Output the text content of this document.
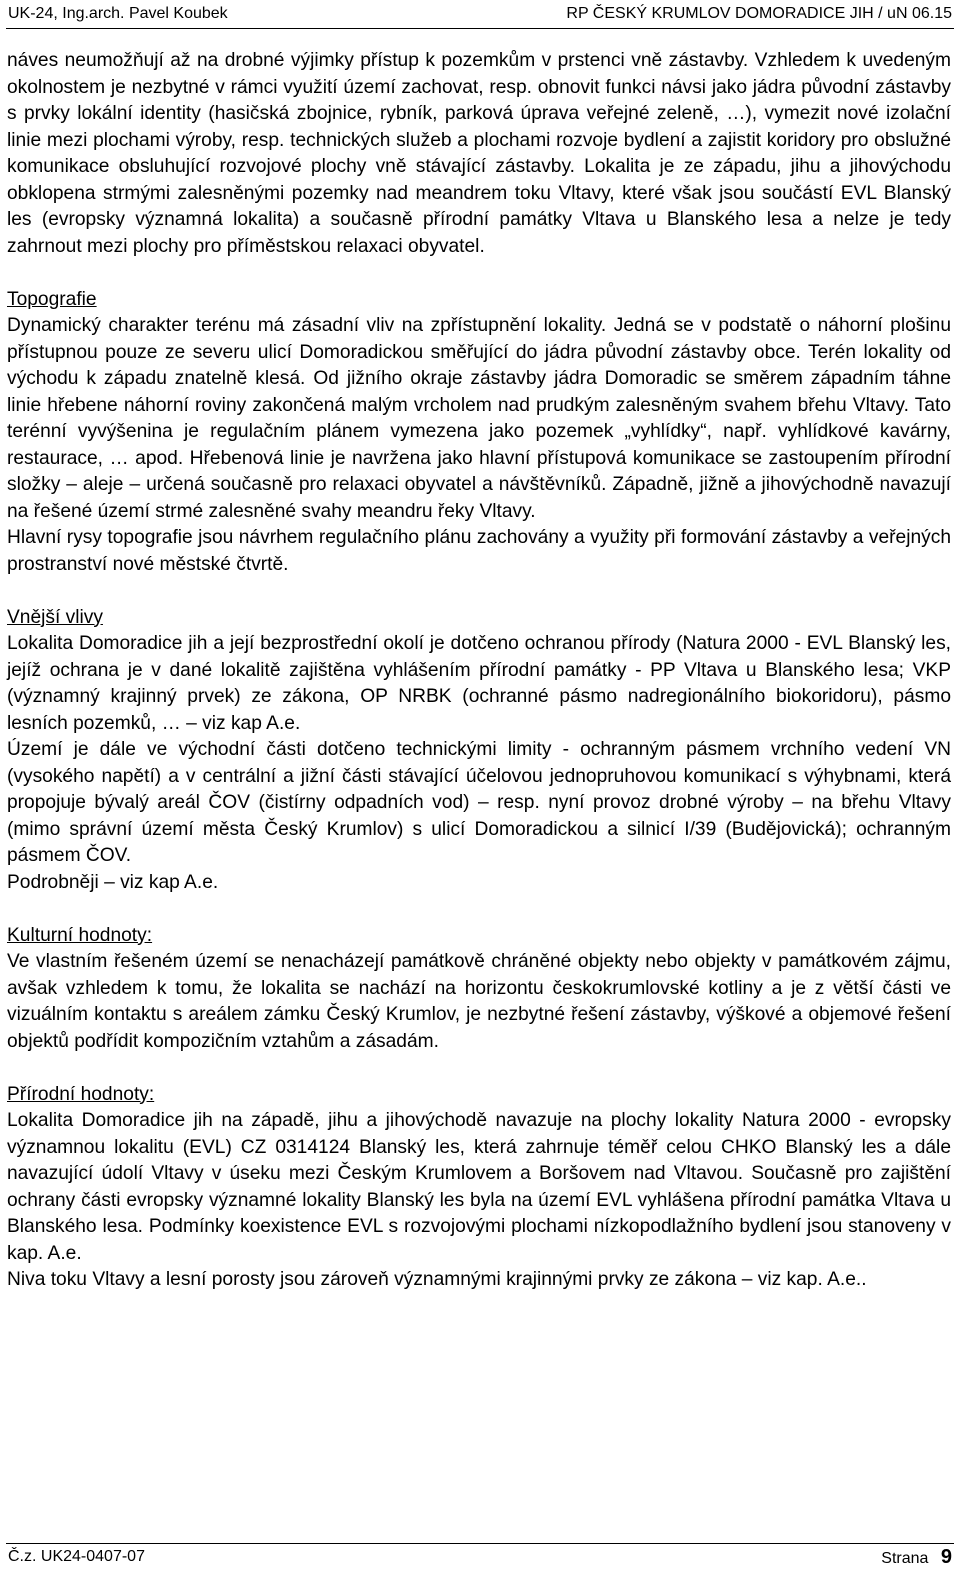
UK-24, Ing.arch. Pavel Koubek	RP ČESKÝ KRUMLOV DOMORADICE JIH / uN 06.15

náves neumožňují až na drobné výjimky přístup k pozemkům v prstenci vně zástavby. Vzhledem k uvedeným okolnostem je nezbytné v rámci využití území zachovat, resp. obnovit funkci návsi jako jádra původní zástavby s prvky lokální identity (hasičská zbojnice, rybník, parková úprava veřejné zeleně, …), vymezit nové izolační linie mezi plochami výroby, resp. technických služeb a plochami rozvoje bydlení a zajistit koridory pro obslužné komunikace obsluhující rozvojové plochy vně stávající zástavby. Lokalita je ze západu, jihu a jihovýchodu obklopena strmými zalesněnými pozemky nad meandrem toku Vltavy, které však jsou součástí EVL Blanský les (evropsky významná lokalita) a současně přírodní památky Vltava u Blanského lesa a nelze je tedy zahrnout mezi plochy pro příměstskou relaxaci obyvatel.

Topografie

Dynamický charakter terénu má zásadní vliv na zpřístupnění lokality. Jedná se v podstatě o náhorní plošinu přístupnou pouze ze severu ulicí Domoradickou směřující do jádra původní zástavby obce. Terén lokality od východu k západu znatelně klesá. Od jižního okraje zástavby jádra Domoradic se směrem západním táhne linie hřebene náhorní roviny zakončená malým vrcholem nad prudkým zalesněným svahem břehu Vltavy. Tato terénní vyvýšenina je regulačním plánem vymezena jako pozemek „vyhlídky“, např. vyhlídkové kavárny, restaurace, … apod. Hřebenová linie je navržena jako hlavní přístupová komunikace se zastoupením přírodní složky – aleje – určená současně pro relaxaci obyvatel a návštěvníků. Západně, jižně a jihovýchodně navazují na řešené území strmé zalesněné svahy meandru řeky Vltavy.

Hlavní rysy topografie jsou návrhem regulačního plánu zachovány a využity při formování zástavby a veřejných prostranství nové městské čtvrtě.

Vnější vlivy

Lokalita Domoradice jih a její bezprostřední okolí je dotčeno ochranou přírody (Natura 2000 - EVL Blanský les, jejíž ochrana je v dané lokalitě zajištěna vyhlášením přírodní památky - PP Vltava u Blanského lesa; VKP (významný krajinný prvek) ze zákona, OP NRBK (ochranné pásmo nadregionálního biokoridoru), pásmo lesních pozemků, … – viz kap A.e.

Území je dále ve východní části dotčeno technickými limity - ochranným pásmem vrchního vedení VN (vysokého napětí) a v centrální a jižní části stávající účelovou jednopruhovou komunikací s výhybnami, která propojuje bývalý areál ČOV (čistírny odpadních vod) – resp. nyní provoz drobné výroby – na břehu Vltavy (mimo správní území města Český Krumlov) s ulicí Domoradickou a silnicí I/39 (Budějovická); ochranným pásmem ČOV.

Podrobněji – viz kap A.e.

Kulturní hodnoty:

Ve vlastním řešeném území se nenacházejí památkově chráněné objekty nebo objekty v památkovém zájmu, avšak vzhledem k tomu, že lokalita se nachází na horizontu českokrumlovské kotliny a je z větší části ve vizuálním kontaktu s areálem zámku Český Krumlov, je nezbytné řešení zástavby, výškové a objemové řešení objektů podřídit kompozičním vztahům a zásadám.

Přírodní hodnoty:

Lokalita Domoradice jih na západě, jihu a jihovýchodě navazuje na plochy lokality Natura 2000 - evropsky významnou lokalitu (EVL) CZ 0314124 Blanský les, která zahrnuje téměř celou CHKO Blanský les a dále navazující údolí Vltavy v úseku mezi Českým Krumlovem a Boršovem nad Vltavou. Současně pro zajištění ochrany části evropsky významné lokality Blanský les byla na území EVL vyhlášena přírodní památka Vltava u Blanského lesa. Podmínky koexistence EVL s rozvojovými plochami nízkopodlažního bydlení jsou stanoveny v kap. A.e.

Niva toku Vltavy a lesní porosty jsou zároveň významnými krajinnými prvky ze zákona – viz kap. A.e..

Č.z. UK24-0407-07	Strana 9
